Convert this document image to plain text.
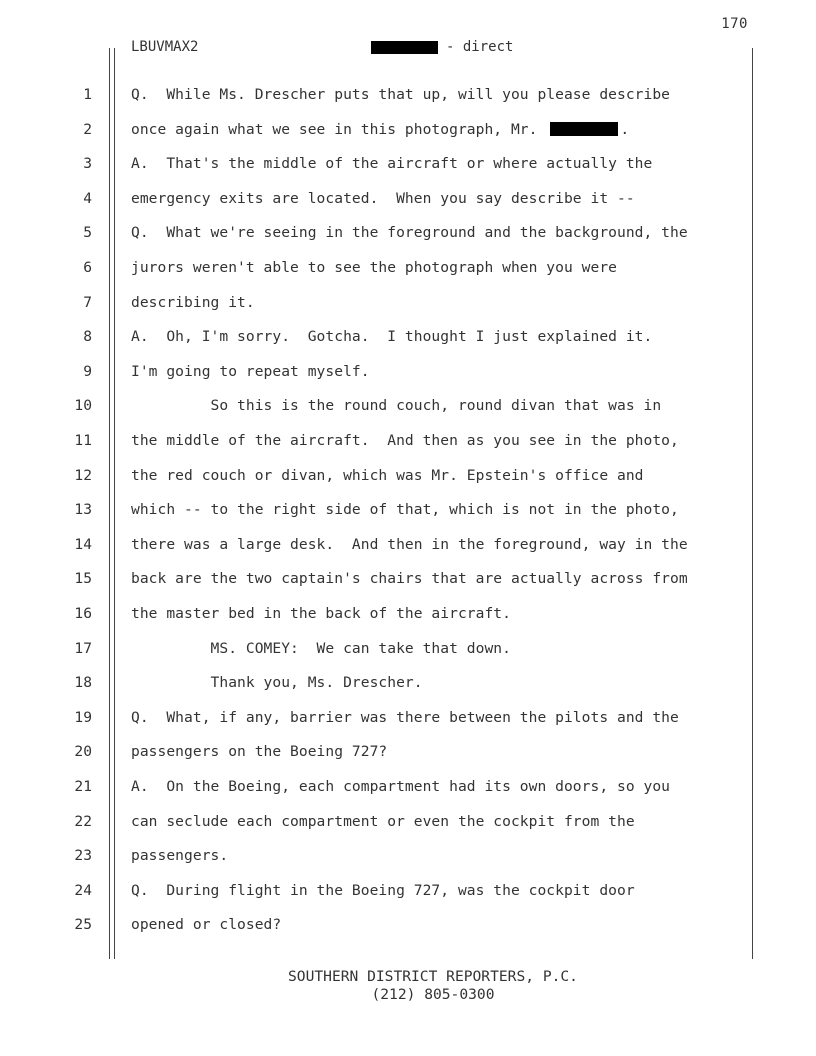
170
LBUVMAX2	- direct
1	Q.  While Ms. Drescher puts that up, will you please describe
2	once again what we see in this photograph, Mr.	.
3	A.  That's the middle of the aircraft or where actually the
4	emergency exits are located.  When you say describe it --
5	Q.  What we're seeing in the foreground and the background, the
6	jurors weren't able to see the photograph when you were
7	describing it.
8	A.  Oh, I'm sorry.  Gotcha.  I thought I just explained it.
9	I'm going to repeat myself.
10	So this is the round couch, round divan that was in
11	the middle of the aircraft.  And then as you see in the photo,
12	the red couch or divan, which was Mr. Epstein's office and
13	which -- to the right side of that, which is not in the photo,
14	there was a large desk.  And then in the foreground, way in the
15	back are the two captain's chairs that are actually across from
16	the master bed in the back of the aircraft.
17	MS. COMEY:  We can take that down.
18	Thank you, Ms. Drescher.
19	Q.  What, if any, barrier was there between the pilots and the
20	passengers on the Boeing 727?
21	A.  On the Boeing, each compartment had its own doors, so you
22	can seclude each compartment or even the cockpit from the
23	passengers.
24	Q.  During flight in the Boeing 727, was the cockpit door
25	opened or closed?
SOUTHERN DISTRICT REPORTERS, P.C.
(212) 805-0300
